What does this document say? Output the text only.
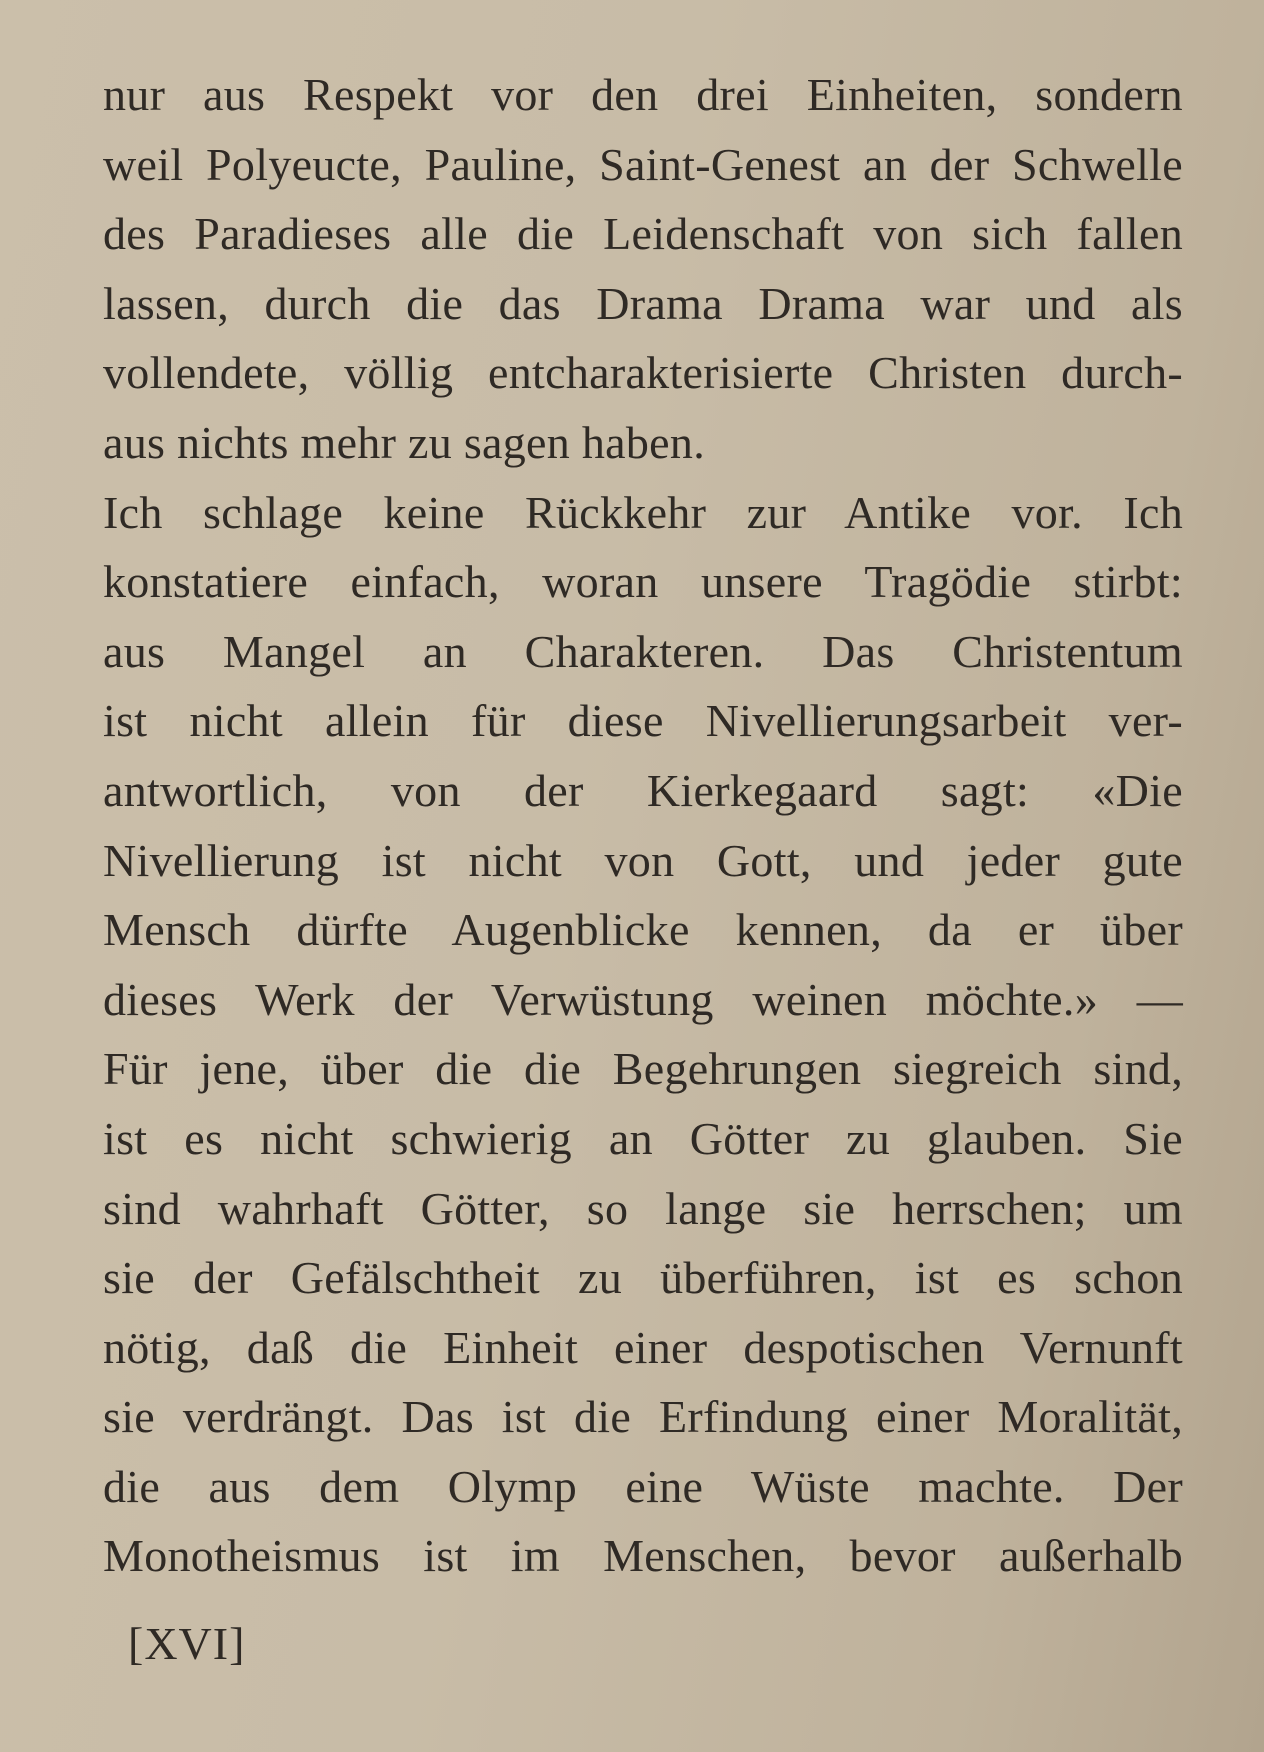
nur aus Respekt vor den drei Einheiten, sondern
weil Polyeucte, Pauline, Saint-Genest an der Schwelle
des Paradieses alle die Leidenschaft von sich fallen
lassen, durch die das Drama Drama war und als
vollendete, völlig entcharakterisierte Christen durch-
aus nichts mehr zu sagen haben.
Ich schlage keine Rückkehr zur Antike vor. Ich
konstatiere einfach, woran unsere Tragödie stirbt:
aus Mangel an Charakteren. Das Christentum
ist nicht allein für diese Nivellierungsarbeit ver-
antwortlich, von der Kierkegaard sagt: «Die
Nivellierung ist nicht von Gott, und jeder gute
Mensch dürfte Augenblicke kennen, da er über
dieses Werk der Verwüstung weinen möchte.» —
Für jene, über die die Begehrungen siegreich sind,
ist es nicht schwierig an Götter zu glauben. Sie
sind wahrhaft Götter, so lange sie herrschen; um
sie der Gefälschtheit zu überführen, ist es schon
nötig, daß die Einheit einer despotischen Vernunft
sie verdrängt. Das ist die Erfindung einer Moralität,
die aus dem Olymp eine Wüste machte. Der
Monotheismus ist im Menschen, bevor außerhalb
[XVI]
